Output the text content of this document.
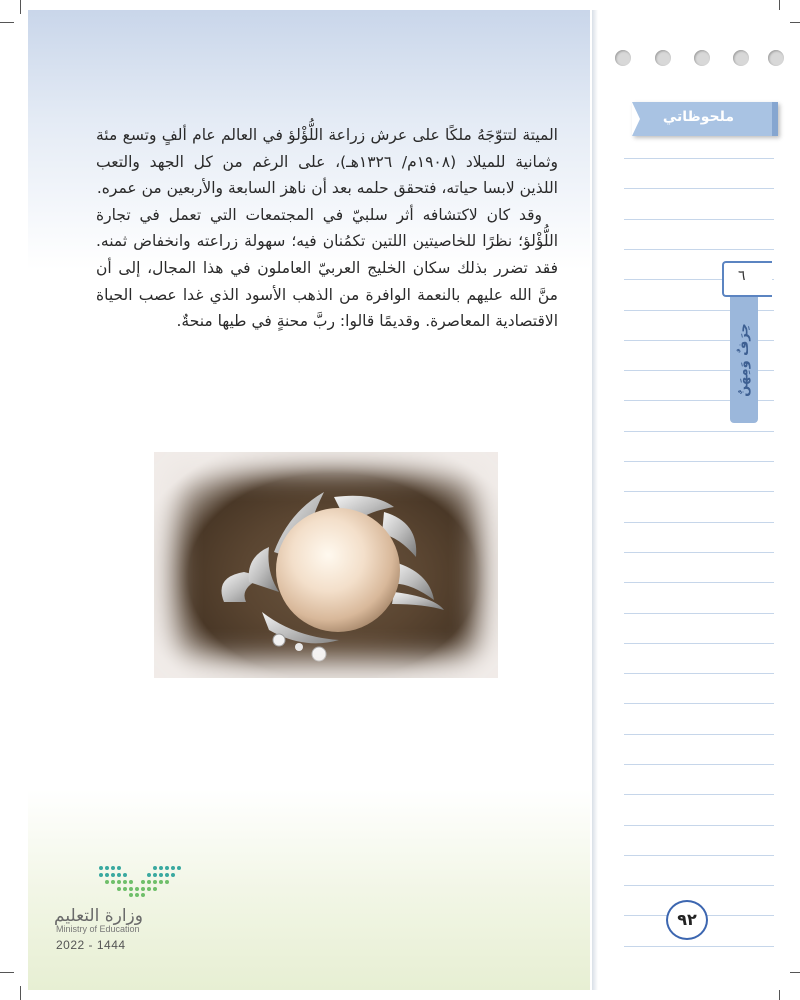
الميتة لتتوّجَهُ ملكًا على عرش زراعة اللُّؤْلؤ في العالم عام ألفٍ وتسع مئة وثمانية للميلاد (١٩٠٨م/ ١٣٢٦هـ)، على الرغم من كل الجهد والتعب اللذين لابسا حياته، فتحقق حلمه بعد أن ناهز السابعة والأربعين من عمره.

وقد كان لاكتشافه أثر سلبيّ في المجتمعات التي تعمل في تجارة اللُّؤْلؤ؛ نظرًا للخاصيتين اللتين تكمُنان فيه؛ سهولة زراعته وانخفاض ثمنه. فقد تضرر بذلك سكان الخليج العربيّ العاملون في هذا المجال، إلى أن منَّ الله عليهم بالنعمة الوافرة من الذهب الأسود الذي غدا عصب الحياة الاقتصادية المعاصرة. وقديمًا قالوا: ربَّ محنةٍ في طيها منحةٌ.

وزارة التعليم
Ministry of Education
2022 - 1444
ملحوظاتي
٦
حِرَفٌ وَمِهَنٌ
٩٢
